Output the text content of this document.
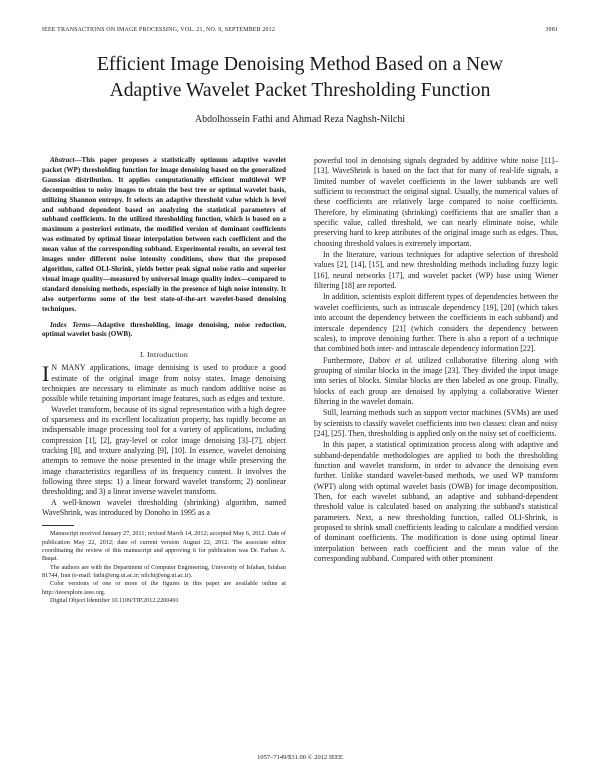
IEEE TRANSACTIONS ON IMAGE PROCESSING, VOL. 21, NO. 9, SEPTEMBER 2012	3981
Efficient Image Denoising Method Based on a New
Adaptive Wavelet Packet Thresholding Function

Abdolhossein Fathi and Ahmad Reza Naghsh-Nilchi

Abstract—This paper proposes a statistically optimum adaptive wavelet packet (WP) thresholding function for image denoising based on the generalized Gaussian distribution. It applies computationally efficient multilevel WP decomposition to noisy images to obtain the best tree or optimal wavelet basis, utilizing Shannon entropy. It selects an adaptive threshold value which is level and subband dependent based on analyzing the statistical parameters of subband coefficients. In the utilized thresholding function, which is based on a maximum a posteriori estimate, the modified version of dominant coefficients was estimated by optimal linear interpolation between each coefficient and the mean value of the corresponding subband. Experimental results, on several test images under different noise intensity conditions, show that the proposed algorithm, called OLI-Shrink, yields better peak signal noise ratio and superior visual image quality—measured by universal image quality index—compared to standard denoising methods, especially in the presence of high noise intensity. It also outperforms some of the best state-of-the-art wavelet-based denoising techniques.

Index Terms—Adaptive thresholding, image denoising, noise reduction, optimal wavelet basis (OWB).

I. Introduction

I N MANY applications, image denoising is used to produce a good estimate of the original image from noisy states. Image denoising techniques are necessary to eliminate as much random additive noise as possible while retaining important image features, such as edges and texture.

Wavelet transform, because of its signal representation with a high degree of sparseness and its excellent localization property, has rapidly become an indispensable image processing tool for a variety of applications, including compression [1], [2], gray-level or color image denoising [3]–[7], object tracking [8], and texture analyzing [9], [10]. In essence, wavelet denoising attempts to remove the noise presented in the image while preserving the image characteristics regardless of its frequency content. It involves the following three steps: 1) a linear forward wavelet transform; 2) nonlinear thresholding; and 3) a linear inverse wavelet transform.

A well-known wavelet thresholding (shrinking) algorithm, named WaveShrink, was introduced by Donoho in 1995 as a

Manuscript received January 27, 2011; revised March 14, 2012; accepted May 6, 2012. Date of publication May 22, 2012; date of current version August 22, 2012. The associate editor coordinating the review of this manuscript and approving it for publication was Dr. Farhan A. Baqai.

The authors are with the Department of Computer Engineering, University of Isfahan, Isfahan 81744, Iran (e-mail: fathi@eng.ui.ac.ir; nilchi@eng.ui.ac.ir).

Color versions of one or more of the figures in this paper are available online at http://ieeexplore.ieee.org.

Digital Object Identifier 10.1109/TIP.2012.2200491

powerful tool in denoising signals degraded by additive white noise [11]–[13]. WaveShrink is based on the fact that for many of real-life signals, a limited number of wavelet coefficients in the lower subbands are well sufficient to reconstruct the original signal. Usually, the numerical values of these coefficients are relatively large compared to noise coefficients. Therefore, by eliminating (shrinking) coefficients that are smaller than a specific value, called threshold, we can nearly eliminate noise, while preserving hard to keep attributes of the original image such as edges. Thus, choosing threshold values is extremely important.

In the literature, various techniques for adaptive selection of threshold values [2], [14], [15], and new thresholding methods including fuzzy logic [16], neural networks [17], and wavelet packet (WP) base using Wiener filtering [18] are reported.

In addition, scientists exploit different types of dependencies between the wavelet coefficients, such as intrascale dependency [19], [20] (which takes into account the dependency between the coefficients in each subband) and interscale dependency [21] (which considers the dependency between scales), to improve denoising further. There is also a report of a technique that combined both inter- and intrascale dependency information [22].

Furthermore, Dabov et al. utilized collaborative filtering along with grouping of similar blocks in the image [23]. They divided the input image into series of blocks. Similar blocks are then labeled as one group. Finally, blocks of each group are denoised by applying a collaborative Wiener filtering in the wavelet domain.

Still, learning methods such as support vector machines (SVMs) are used by scientists to classify wavelet coefficients into two classes: clean and noisy [24], [25]. Then, thresholding is applied only on the noisy set of coefficients.

In this paper, a statistical optimization process along with adaptive and subband-dependable methodologies are applied to both the thresholding function and wavelet transform, in order to advance the denoising even further. Unlike standard wavelet-based methods, we used WP transform (WPT) along with optimal wavelet basis (OWB) for image decomposition. Then, for each wavelet subband, an adaptive and subband-dependent threshold value is calculated based on analyzing the subband's statistical parameters. Next, a new thresholding function, called OLI-Shrink, is proposed to shrink small coefficients leading to calculate a modified version of dominant coefficients. The modification is done using optimal linear interpolation between each coefficient and the mean value of the corresponding subband. Compared with other prominent

1057–7149/$31.00 © 2012 IEEE
